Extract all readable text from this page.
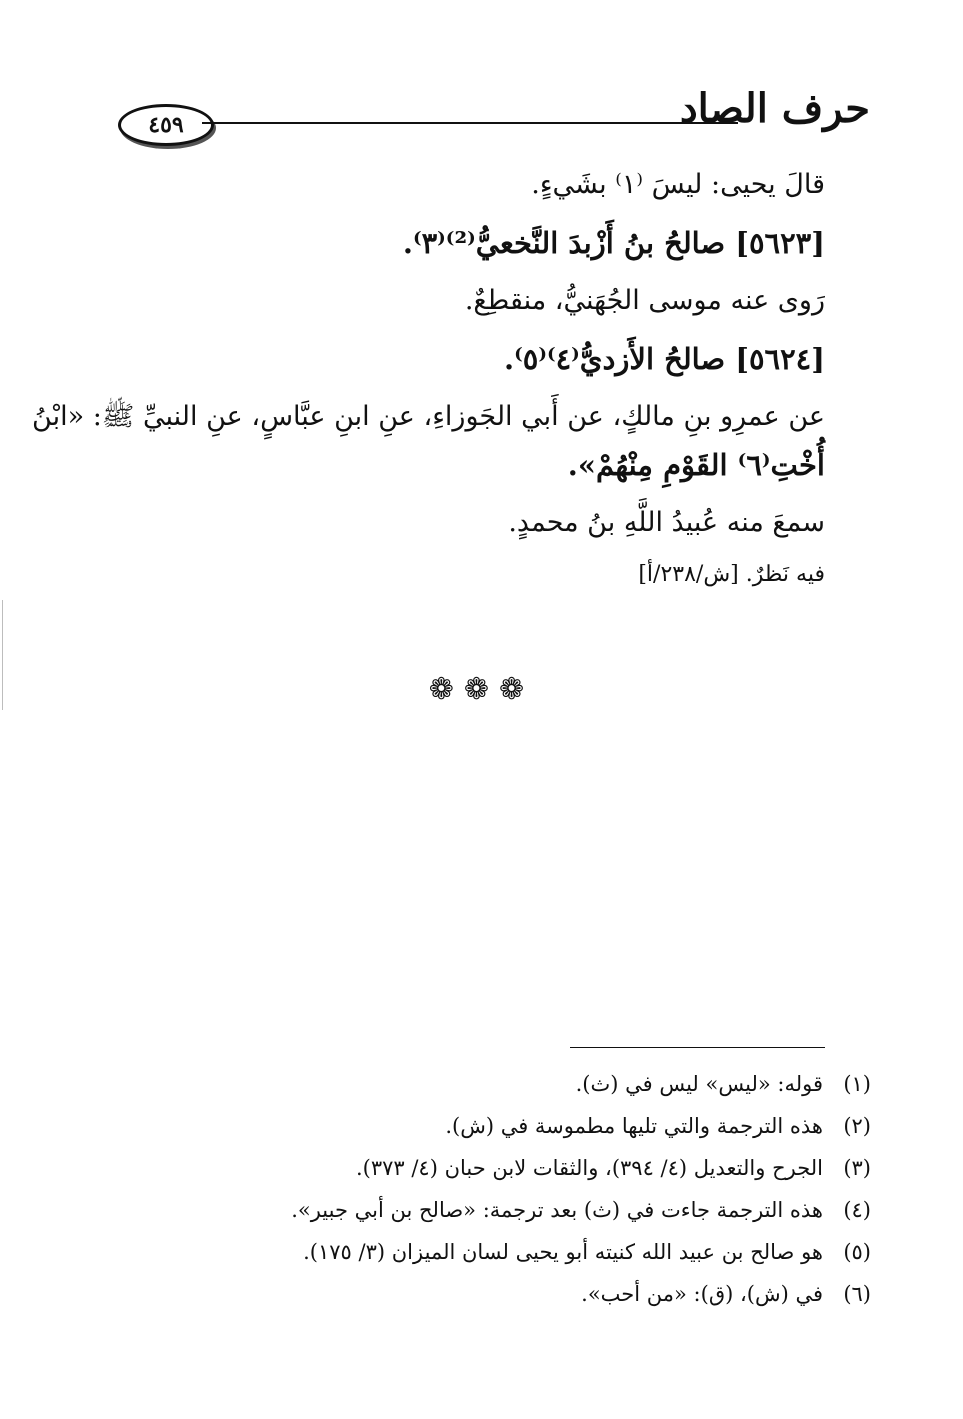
٤٥٩	حرف الصاد
قالَ يحيى: ليسَ ⁽١⁾ بشَيءٍ.
[٥٦٢٣] صالحُ بنُ أَزْبدَ النَّخعيُّ⁽²⁾⁽٣⁾.
رَوى عنه موسى الجُهَنيُّ، منقطِعٌ.
[٥٦٢٤] صالحُ الأَزديُّ⁽٤⁾⁽٥⁾.
عن عمرِو بنِ مالكٍ، عن أَبي الجَوزاءِ، عنِ ابنِ عبَّاسٍ، عنِ النبيِّ ﷺ: «ابْنُ
أُخْتِ⁽٦⁾ القَوْمِ مِنْهُمْ».
سمعَ منه عُبيدُ اللَّهِ بنُ محمدٍ.
فيه نَظرٌ. [ش/٢٣٨/أ]
❁❁❁
(١)قوله: «ليس» ليس في (ث).
(٢)هذه الترجمة والتي تليها مطموسة في (ش).
(٣)الجرح والتعديل (٤/ ٣٩٤)، والثقات لابن حبان (٤/ ٣٧٣).
(٤)هذه الترجمة جاءت في (ث) بعد ترجمة: «صالح بن أبي جبير».
(٥)هو صالح بن عبيد الله كنيته أبو يحيى لسان الميزان (٣/ ١٧٥).
(٦)في (ش)، (ق): «من أحب».
